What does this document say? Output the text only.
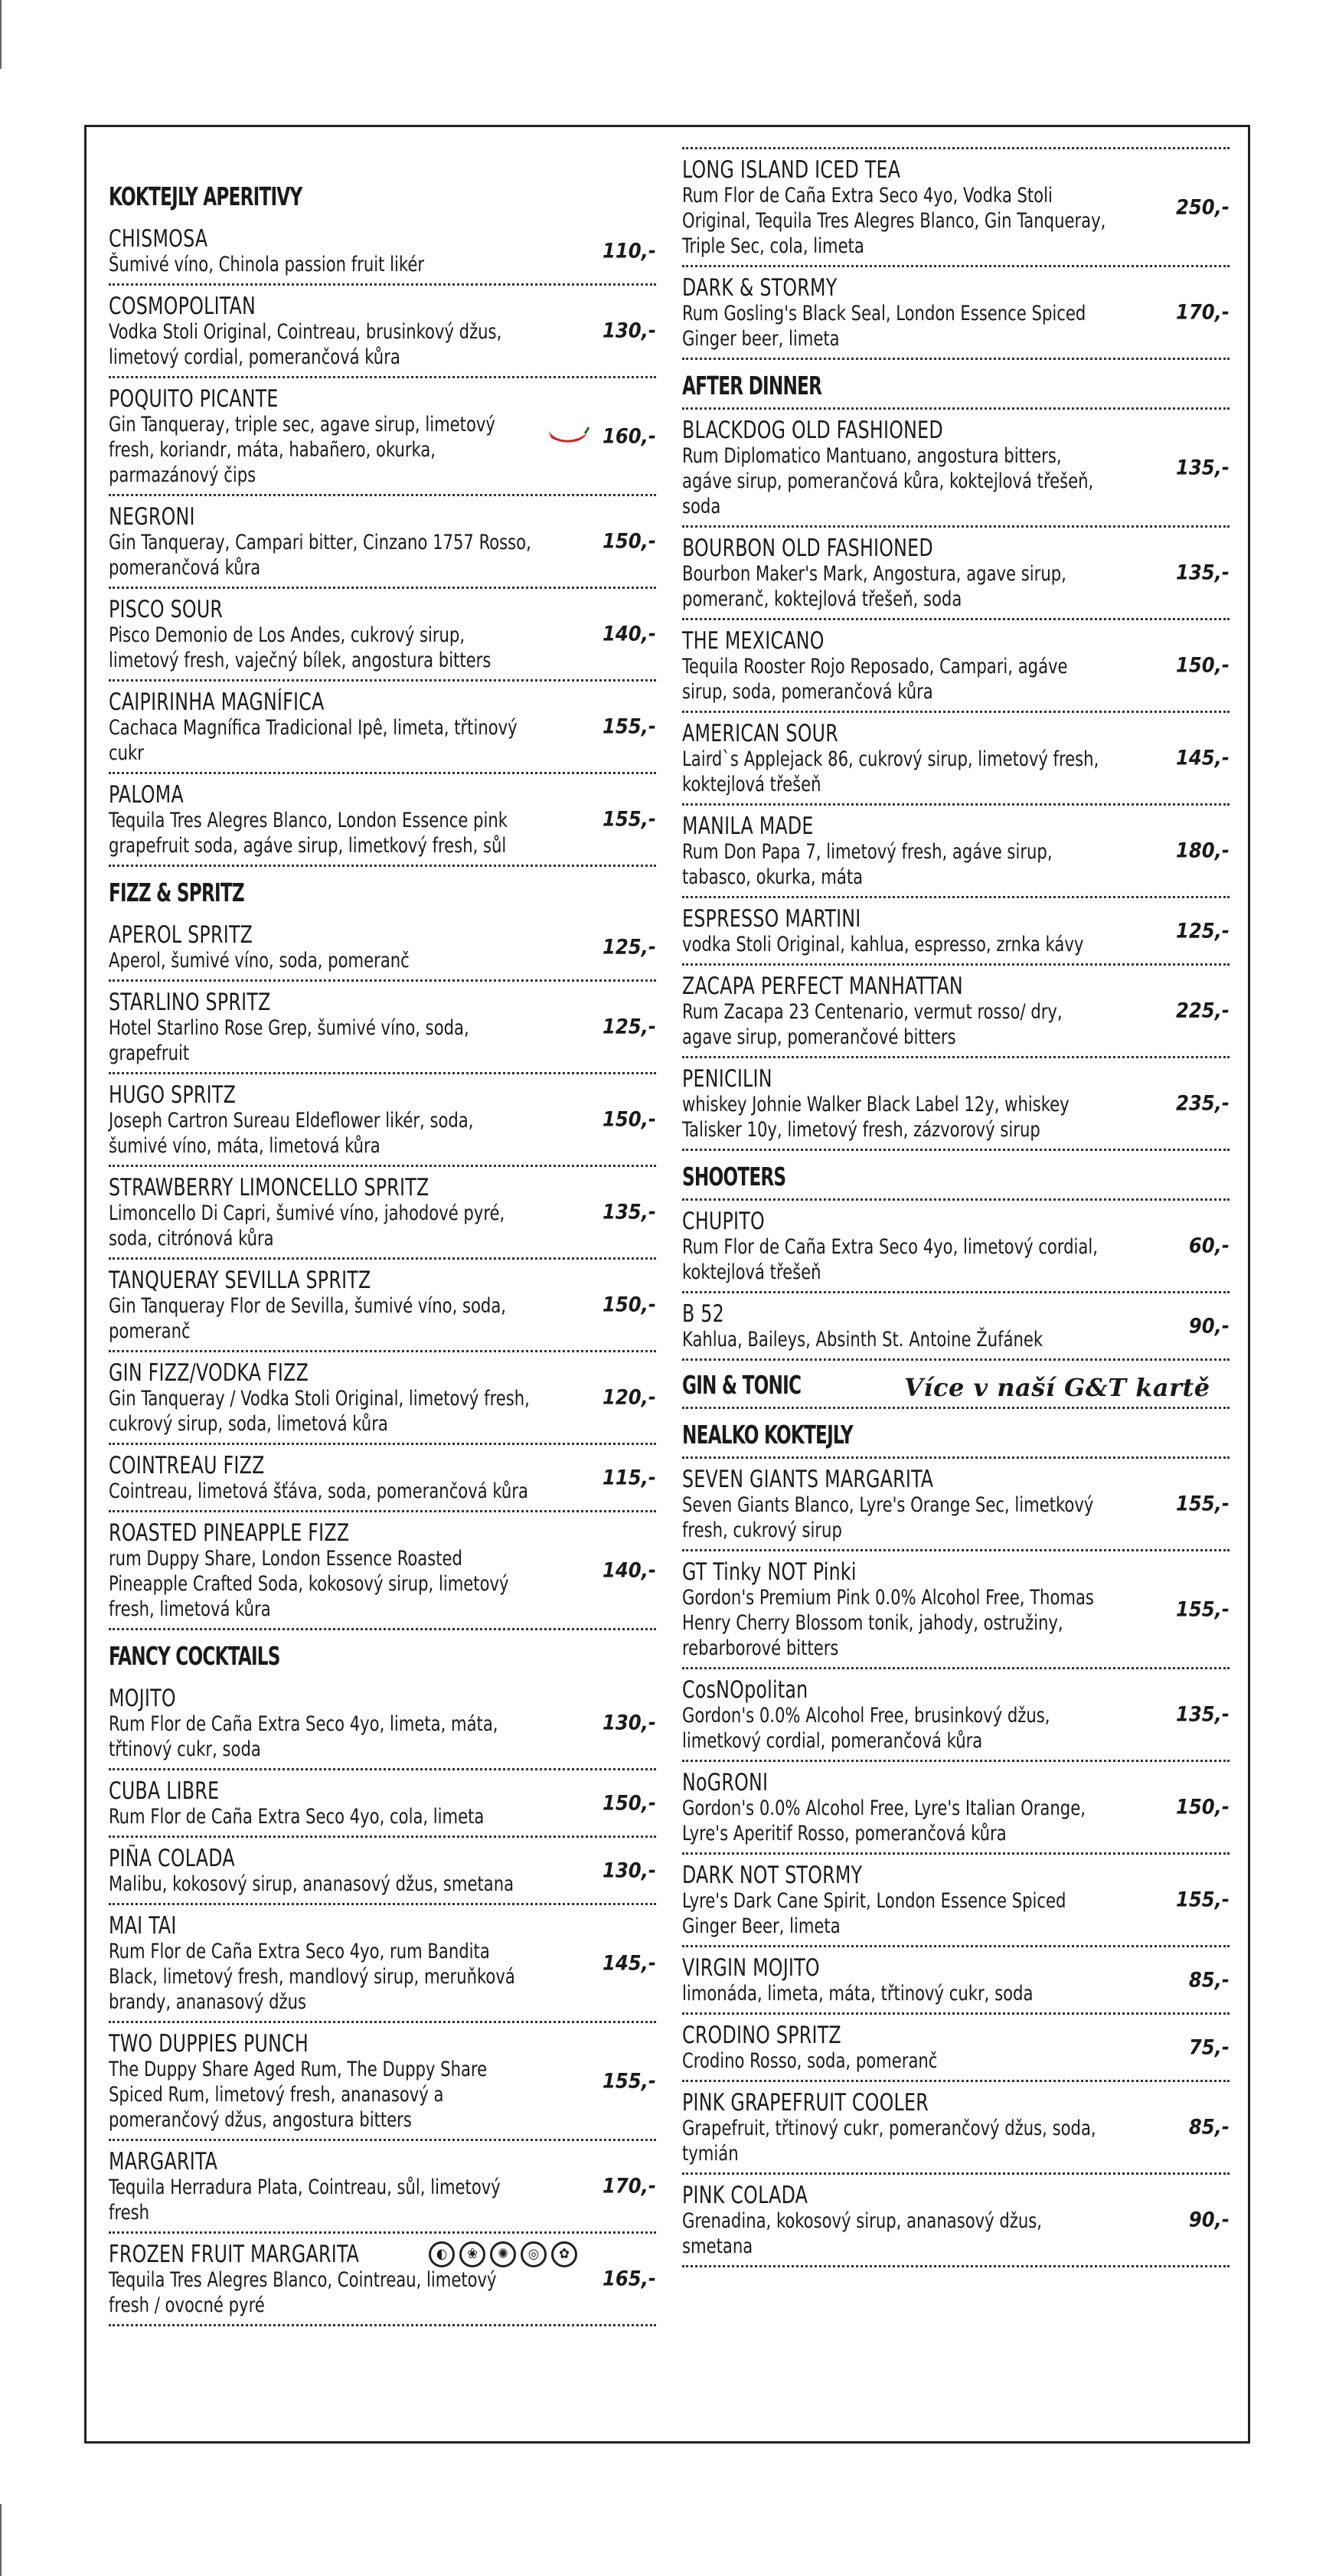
KOKTEJLY APERITIVY
CHISMOSA
Šumivé víno, Chinola passion fruit likér
110,-
COSMOPOLITAN
Vodka Stoli Original, Cointreau, brusinkový džus, limetový cordial, pomerančová kůra
130,-
POQUITO PICANTE
Gin Tanqueray, triple sec, agave sirup, limetový fresh, koriandr, máta, habañero, okurka, parmazánový čips
160,-
NEGRONI
Gin Tanqueray, Campari bitter, Cinzano 1757 Rosso, pomerančová kůra
150,-
PISCO SOUR
Pisco Demonio de Los Andes, cukrový sirup, limetový fresh, vaječný bílek, angostura bitters
140,-
CAIPIRINHA MAGNÍFICA
Cachaca Magnífica Tradicional Ipê, limeta, třtinový cukr
155,-
PALOMA
Tequila Tres Alegres Blanco, London Essence pink grapefruit soda, agáve sirup, limetkový fresh, sůl
155,-
FIZZ & SPRITZ
APEROL SPRITZ
Aperol, šumivé víno, soda, pomeranč
125,-
STARLINO SPRITZ
Hotel Starlino Rose Grep, šumivé víno, soda, grapefruit
125,-
HUGO SPRITZ
Joseph Cartron Sureau Eldeflower likér, soda, šumivé víno, máta, limetová kůra
150,-
STRAWBERRY LIMONCELLO SPRITZ
Limoncello Di Capri, šumivé víno, jahodové pyré, soda, citrónová kůra
135,-
TANQUERAY SEVILLA SPRITZ
Gin Tanqueray Flor de Sevilla, šumivé víno, soda, pomeranč
150,-
GIN FIZZ/VODKA FIZZ
Gin Tanqueray / Vodka Stoli Original, limetový fresh, cukrový sirup, soda, limetová kůra
120,-
COINTREAU FIZZ
Cointreau, limetová šťáva, soda, pomerančová kůra
115,-
ROASTED PINEAPPLE FIZZ
rum Duppy Share, London Essence Roasted Pineapple Crafted Soda, kokosový sirup, limetový fresh, limetová kůra
140,-
FANCY COCKTAILS
MOJITO
Rum Flor de Caña Extra Seco 4yo, limeta, máta, třtinový cukr, soda
130,-
CUBA LIBRE
Rum Flor de Caña Extra Seco 4yo, cola, limeta
150,-
PIÑA COLADA
Malibu, kokosový sirup, ananasový džus, smetana
130,-
MAI TAI
Rum Flor de Caña Extra Seco 4yo, rum Bandita Black, limetový fresh, mandlový sirup, meruňková brandy, ananasový džus
145,-
TWO DUPPIES PUNCH
The Duppy Share Aged Rum, The Duppy Share Spiced Rum, limetový fresh, ananasový a pomerančový džus, angostura bitters
155,-
MARGARITA
Tequila Herradura Plata, Cointreau, sůl, limetový fresh
170,-
FROZEN FRUIT MARGARITA
Tequila Tres Alegres Blanco, Cointreau, limetový fresh / ovocné pyré
165,-
◐	❀	✺	◎	✿
LONG ISLAND ICED TEA
Rum Flor de Caña Extra Seco 4yo, Vodka Stoli Original, Tequila Tres Alegres Blanco, Gin Tanqueray, Triple Sec, cola, limeta
250,-
DARK & STORMY
Rum Gosling's Black Seal, London Essence Spiced Ginger beer, limeta
170,-
AFTER DINNER
BLACKDOG OLD FASHIONED
Rum Diplomatico Mantuano, angostura bitters, agáve sirup, pomerančová kůra, koktejlová třešeň, soda
135,-
BOURBON OLD FASHIONED
Bourbon Maker's Mark, Angostura, agave sirup, pomeranč, koktejlová třešeň, soda
135,-
THE MEXICANO
Tequila Rooster Rojo Reposado, Campari, agáve sirup, soda, pomerančová kůra
150,-
AMERICAN SOUR
Laird`s Applejack 86, cukrový sirup, limetový fresh, koktejlová třešeň
145,-
MANILA MADE
Rum Don Papa 7, limetový fresh, agáve sirup, tabasco, okurka, máta
180,-
ESPRESSO MARTINI
vodka Stoli Original, kahlua, espresso, zrnka kávy
125,-
ZACAPA PERFECT MANHATTAN
Rum Zacapa 23 Centenario, vermut rosso/ dry, agave sirup, pomerančové bitters
225,-
PENICILIN
whiskey Johnie Walker Black Label 12y, whiskey Talisker 10y, limetový fresh, zázvorový sirup
235,-
SHOOTERS
CHUPITO
Rum Flor de Caña Extra Seco 4yo, limetový cordial, koktejlová třešeň
60,-
B 52
Kahlua, Baileys, Absinth St. Antoine Žufánek
90,-
GIN & TONIC	Více v naší G&T kartě
NEALKO KOKTEJLY
SEVEN GIANTS MARGARITA
Seven Giants Blanco, Lyre's Orange Sec, limetkový fresh, cukrový sirup
155,-
GT Tinky NOT Pinki
Gordon's Premium Pink 0.0% Alcohol Free, Thomas Henry Cherry Blossom tonik, jahody, ostružiny, rebarborové bitters
155,-
CosNOpolitan
Gordon's 0.0% Alcohol Free, brusinkový džus, limetkový cordial, pomerančová kůra
135,-
NoGRONI
Gordon's 0.0% Alcohol Free, Lyre's Italian Orange, Lyre's Aperitif Rosso, pomerančová kůra
150,-
DARK NOT STORMY
Lyre's Dark Cane Spirit, London Essence Spiced Ginger Beer, limeta
155,-
VIRGIN MOJITO
limonáda, limeta, máta, třtinový cukr, soda
85,-
CRODINO SPRITZ
Crodino Rosso, soda, pomeranč
75,-
PINK GRAPEFRUIT COOLER
Grapefruit, třtinový cukr, pomerančový džus, soda, tymián
85,-
PINK COLADA
Grenadina, kokosový sirup, ananasový džus, smetana
90,-
